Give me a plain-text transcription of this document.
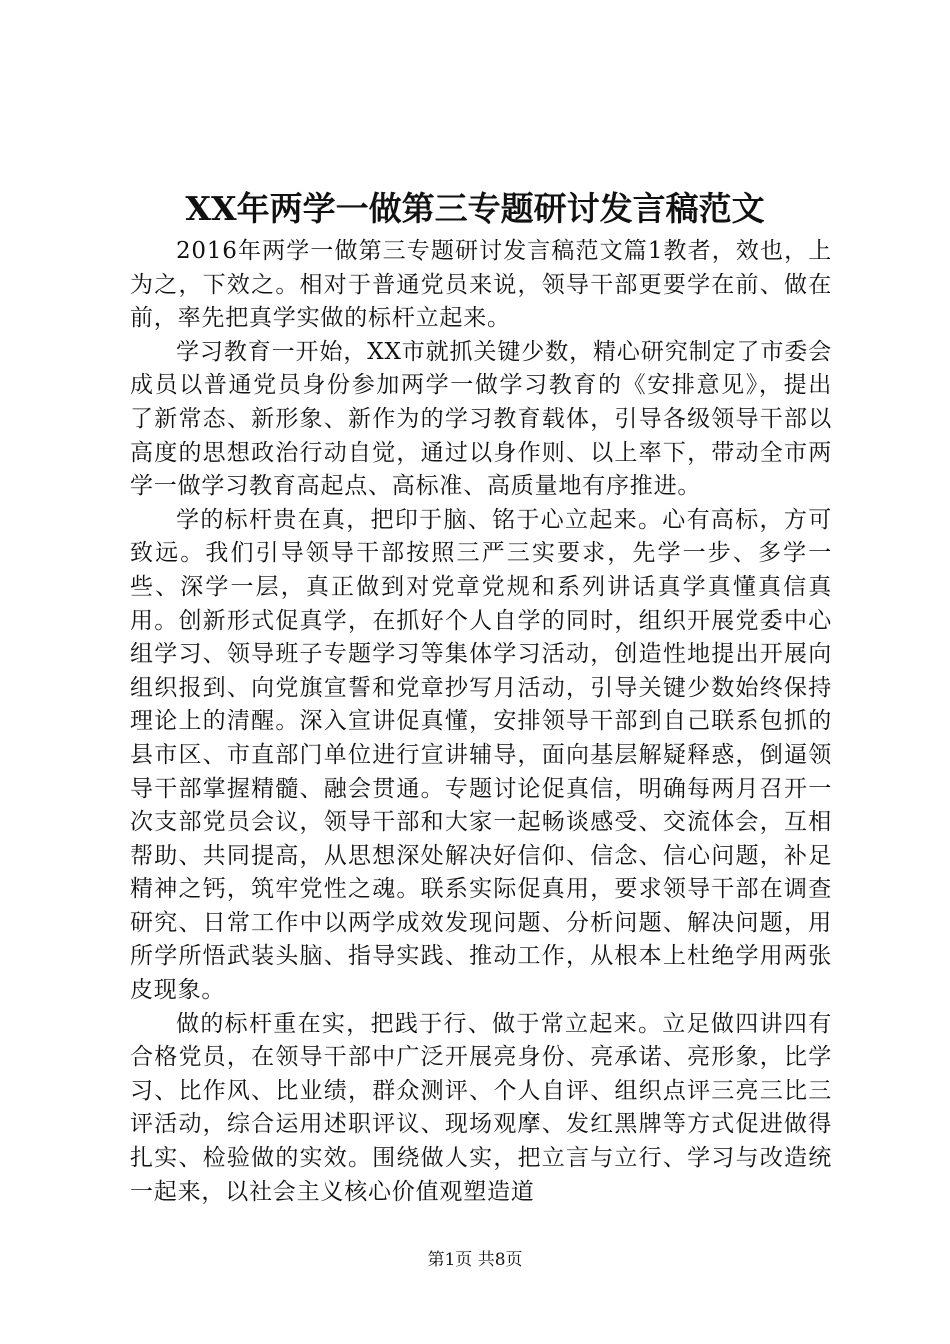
XX年两学一做第三专题研讨发言稿范文

2016年两学一做第三专题研讨发言稿范文篇1教者，效也，上为之，下效之。相对于普通党员来说，领导干部更要学在前、做在前，率先把真学实做的标杆立起来。

学习教育一开始，XX市就抓关键少数，精心研究制定了市委会成员以普通党员身份参加两学一做学习教育的《安排意见》，提出了新常态、新形象、新作为的学习教育载体，引导各级领导干部以高度的思想政治行动自觉，通过以身作则、以上率下，带动全市两学一做学习教育高起点、高标准、高质量地有序推进。

学的标杆贵在真，把印于脑、铭于心立起来。心有高标，方可致远。我们引导领导干部按照三严三实要求，先学一步、多学一些、深学一层，真正做到对党章党规和系列讲话真学真懂真信真用。创新形式促真学，在抓好个人自学的同时，组织开展党委中心组学习、领导班子专题学习等集体学习活动，创造性地提出开展向组织报到、向党旗宣誓和党章抄写月活动，引导关键少数始终保持理论上的清醒。深入宣讲促真懂，安排领导干部到自己联系包抓的县市区、市直部门单位进行宣讲辅导，面向基层解疑释惑，倒逼领导干部掌握精髓、融会贯通。专题讨论促真信，明确每两月召开一次支部党员会议，领导干部和大家一起畅谈感受、交流体会，互相帮助、共同提高，从思想深处解决好信仰、信念、信心问题，补足精神之钙，筑牢党性之魂。联系实际促真用，要求领导干部在调查研究、日常工作中以两学成效发现问题、分析问题、解决问题，用所学所悟武装头脑、指导实践、推动工作，从根本上杜绝学用两张皮现象。

做的标杆重在实，把践于行、做于常立起来。立足做四讲四有合格党员，在领导干部中广泛开展亮身份、亮承诺、亮形象，比学习、比作风、比业绩，群众测评、个人自评、组织点评三亮三比三评活动，综合运用述职评议、现场观摩、发红黑牌等方式促进做得扎实、检验做的实效。围绕做人实，把立言与立行、学习与改造统一起来，以社会主义核心价值观塑造道

第1页 共8页
